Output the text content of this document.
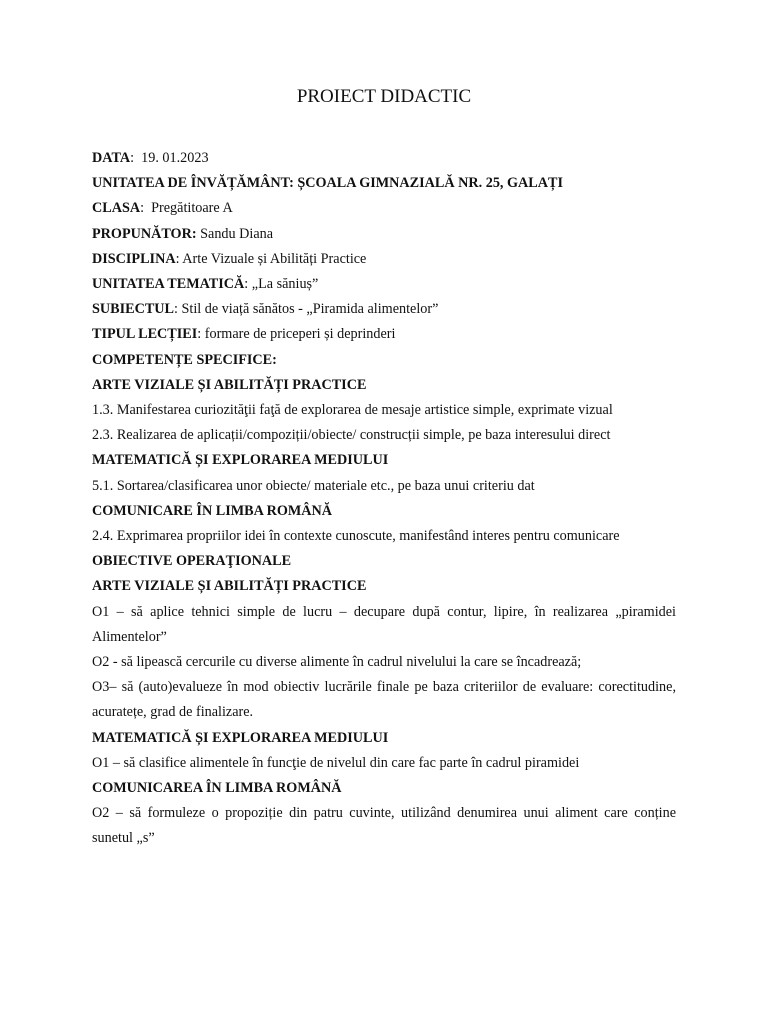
PROIECT DIDACTIC
DATA:  19. 01.2023
UNITATEA DE ÎNVĂȚĂMÂNT: ȘCOALA GIMNAZIALĂ NR. 25, GALAȚI
CLASA:  Pregătitoare A
PROPUNĂTOR: Sandu Diana
DISCIPLINA: Arte Vizuale și Abilități Practice
UNITATEA TEMATICĂ: „La săniuș”
SUBIECTUL: Stil de viață sănătos - „Piramida alimentelor”
TIPUL LECȚIEI: formare de priceperi și deprinderi
COMPETENȚE SPECIFICE:
ARTE VIZIALE ȘI ABILITĂȚI PRACTICE
1.3. Manifestarea curiozităţii faţă de explorarea de mesaje artistice simple, exprimate vizual
2.3. Realizarea de aplicații/compoziții/obiecte/ construcții simple, pe baza interesului direct
MATEMATICĂ ȘI EXPLORAREA MEDIULUI
5.1. Sortarea/clasificarea unor obiecte/ materiale etc., pe baza unui criteriu dat
COMUNICARE ÎN LIMBA ROMÂNĂ
2.4. Exprimarea propriilor idei în contexte cunoscute, manifestând interes pentru comunicare
OBIECTIVE OPERAŢIONALE
ARTE VIZIALE ȘI ABILITĂȚI PRACTICE
O1 – să aplice tehnici simple de lucru – decupare după contur, lipire, în realizarea „piramidei Alimentelor”
O2 - să lipească cercurile cu diverse alimente în cadrul nivelului la care se încadrează;
O3– să (auto)evalueze în mod obiectiv lucrările finale pe baza criteriilor de evaluare: corectitudine, acuratețe, grad de finalizare.
MATEMATICĂ ȘI EXPLORAREA MEDIULUI
O1 – să clasifice alimentele în funcţie de nivelul din care fac parte în cadrul piramidei
COMUNICAREA ÎN LIMBA ROMÂNĂ
O2 – să formuleze o propoziție din patru cuvinte, utilizând denumirea unui aliment care conține sunetul „s”
